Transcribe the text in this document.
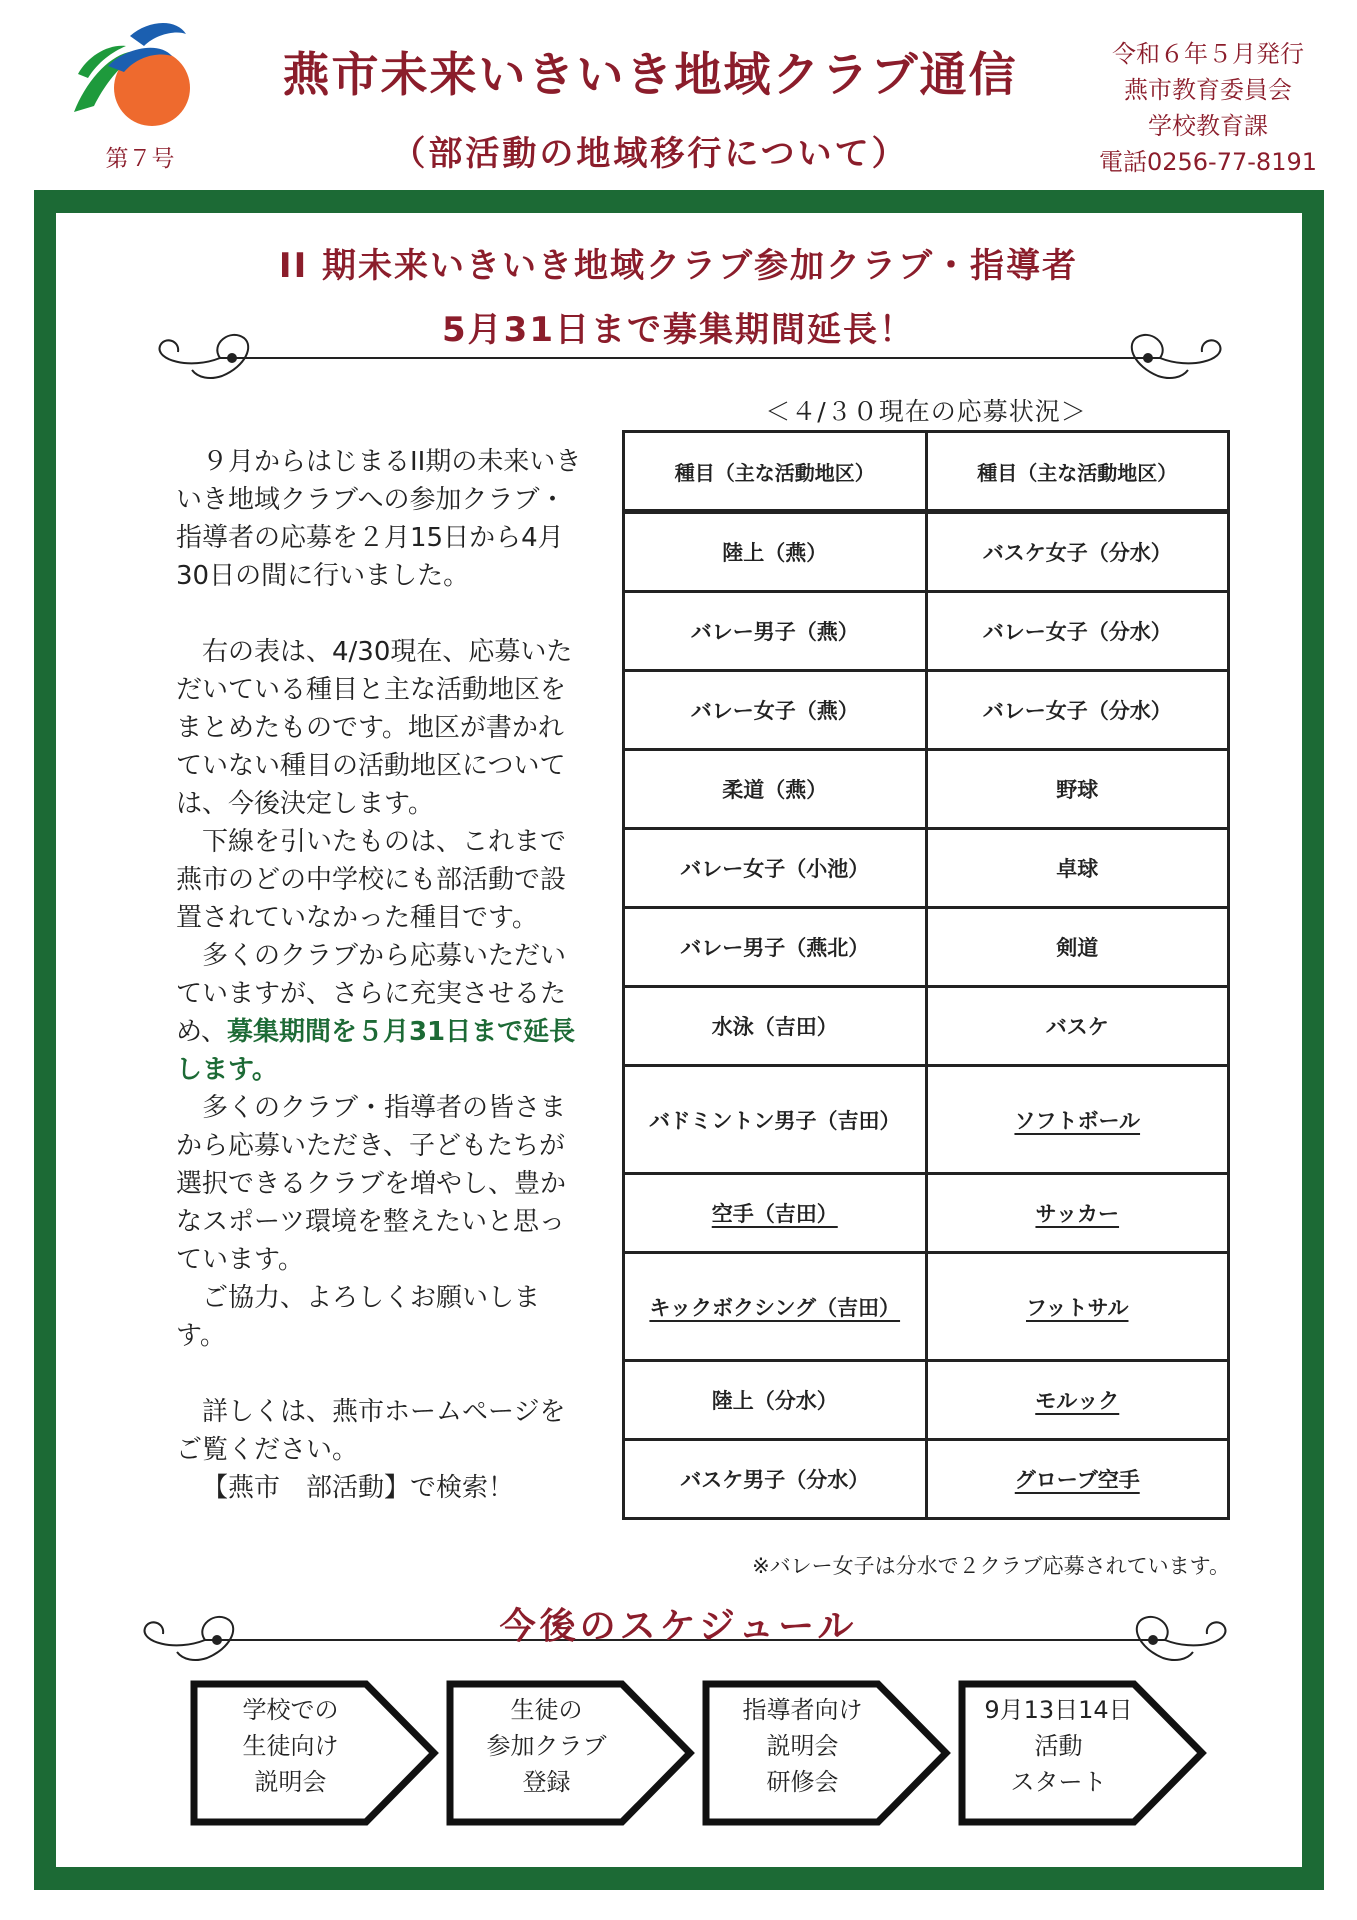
第７号
燕市未来いきいき地域クラブ通信
（部活動の地域移行について）
令和６年５月発行
燕市教育委員会
学校教育課
電話0256-77-8191
II 期未来いきいき地域クラブ参加クラブ・指導者
5月31日まで募集期間延長！

９月からはじまるII期の未来いきいき地域クラブへの参加クラブ・指導者の応募を２月15日から4月30日の間に行いました。

右の表は、4/30現在、応募いただいている種目と主な活動地区をまとめたものです。地区が書かれていない種目の活動地区については、今後決定します。

下線を引いたものは、これまで燕市のどの中学校にも部活動で設置されていなかった種目です。

多くのクラブから応募いただいていますが、さらに充実させるため、募集期間を５月31日まで延長します。

多くのクラブ・指導者の皆さまから応募いただき、子どもたちが選択できるクラブを増やし、豊かなスポーツ環境を整えたいと思っています。

ご協力、よろしくお願いします。

詳しくは、燕市ホームページをご覧ください。

【燕市　部活動】で検索！

＜４/３０現在の応募状況＞
種目（主な活動地区）	種目（主な活動地区）
陸上（燕）	バスケ女子（分水）
バレー男子（燕）	バレー女子（分水）
バレー女子（燕）	バレー女子（分水）
柔道（燕）	野球
バレー女子（小池）	卓球
バレー男子（燕北）	剣道
水泳（吉田）	バスケ
バドミントン男子（吉田）	ソフトボール
空手（吉田）	サッカー
キックボクシング（吉田）	フットサル
陸上（分水）	モルック
バスケ男子（分水）	グローブ空手
※バレー女子は分水で２クラブ応募されています。
今後のスケジュール
学校での
生徒向け
説明会
生徒の
参加クラブ
登録
指導者向け
説明会
研修会
9月13日14日
活動
スタート
